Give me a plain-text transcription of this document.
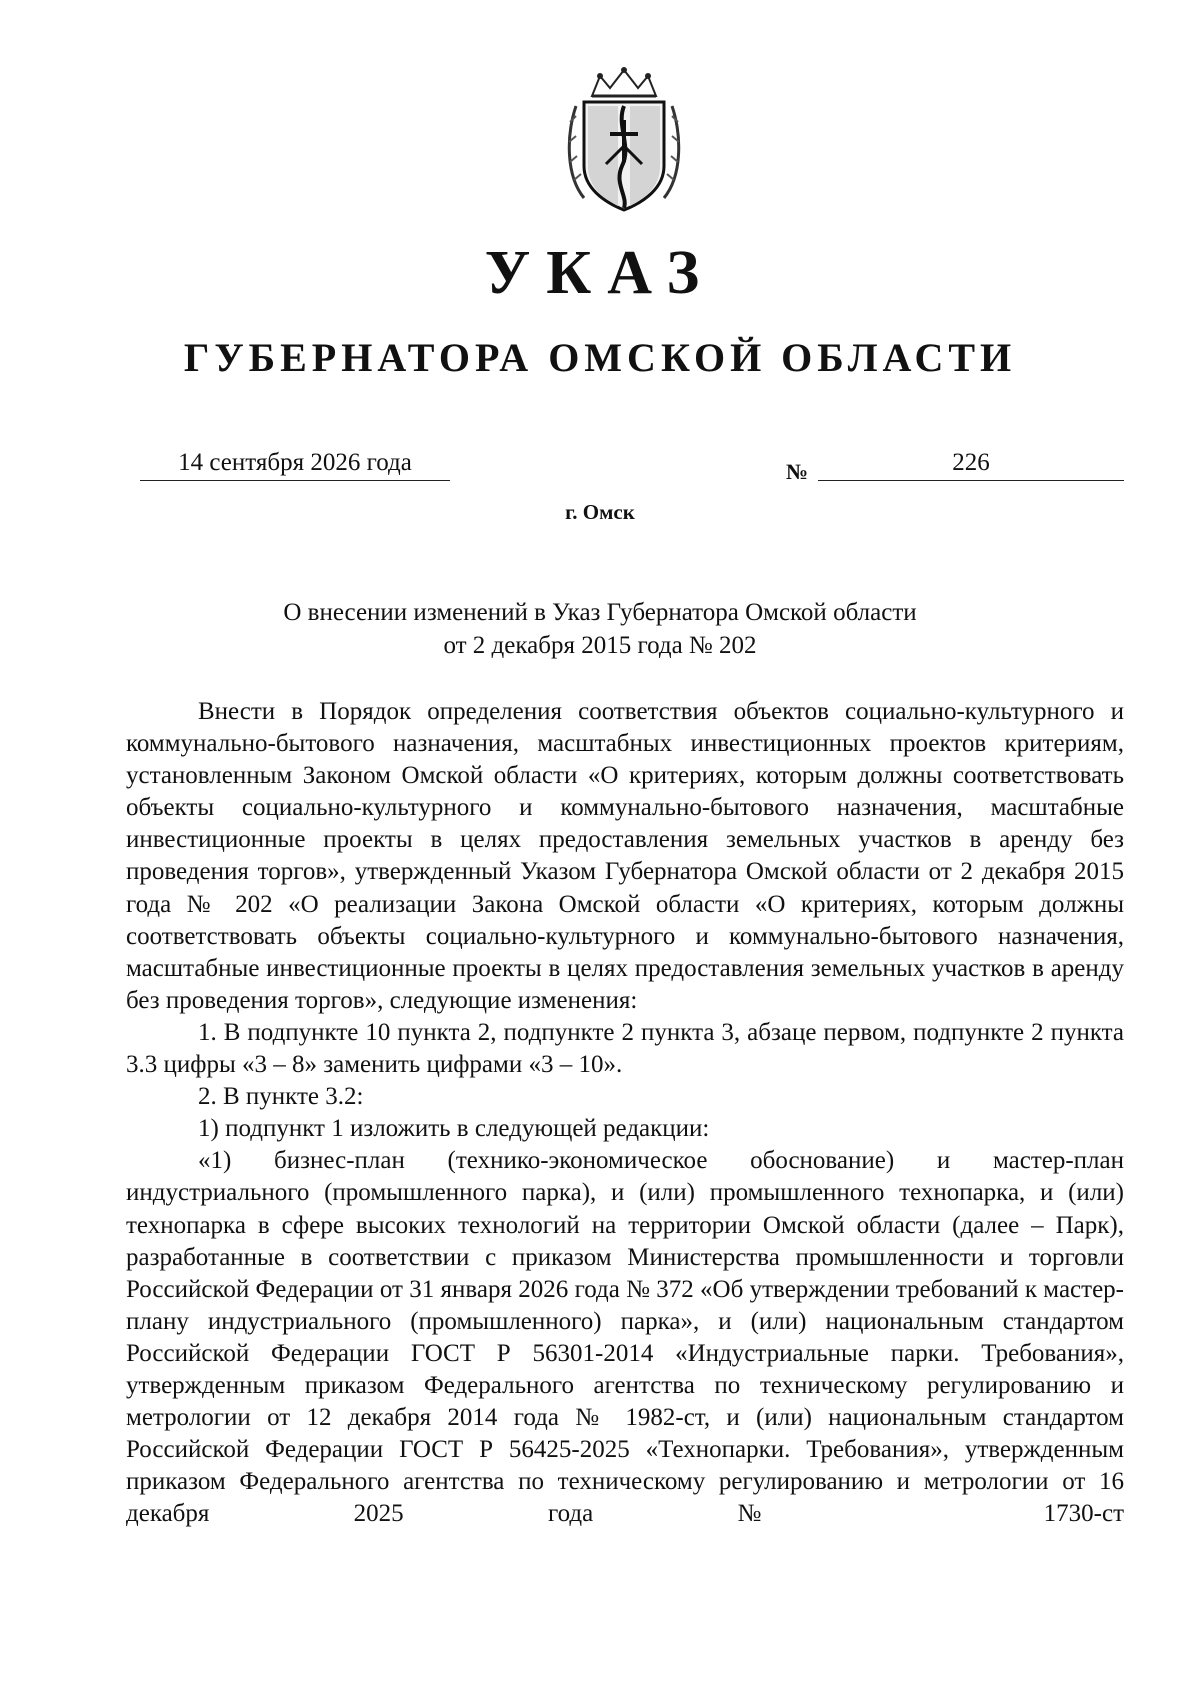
УКАЗ
ГУБЕРНАТОРА ОМСКОЙ ОБЛАСТИ
14 сентября 2026 года	№	226
г. Омск
О внесении изменений в Указ Губернатора Омской области
от 2 декабря 2015 года № 202

Внести в Порядок определения соответствия объектов социально-культурного и коммунально-бытового назначения, масштабных инвестиционных проектов критериям, установленным Законом Омской области «О критериях, которым должны соответствовать объекты социально-культурного и коммунально-бытового назначения, масштабные инвестиционные проекты в целях предоставления земельных участков в аренду без проведения торгов», утвержденный Указом Губернатора Омской области от 2 декабря 2015 года № 202 «О реализации Закона Омской области «О критериях, которым должны соответствовать объекты социально-культурного и коммунально-бытового назначения, масштабные инвестиционные проекты в целях предоставления земельных участков в аренду без проведения торгов», следующие изменения:

1. В подпункте 10 пункта 2, подпункте 2 пункта 3, абзаце первом, подпункте 2 пункта 3.3 цифры «3 – 8» заменить цифрами «3 – 10».

2. В пункте 3.2:

1) подпункт 1 изложить в следующей редакции:

«1) бизнес-план (технико-экономическое обоснование) и мастер-план индустриального (промышленного парка), и (или) промышленного технопарка, и (или) технопарка в сфере высоких технологий на территории Омской области (далее – Парк), разработанные в соответствии с приказом Министерства промышленности и торговли Российской Федерации от 31 января 2026 года № 372 «Об утверждении требований к мастер-плану индустриального (промышленного) парка», и (или) национальным стандартом Российской Федерации ГОСТ Р 56301-2014 «Индустриальные парки. Требования», утвержденным приказом Федерального агентства по техническому регулированию и метрологии от 12 декабря 2014 года № 1982-ст, и (или) национальным стандартом Российской Федерации ГОСТ Р 56425-2025 «Технопарки. Требования», утвержденным приказом Федерального агентства по техническому регулированию и метрологии от 16 декабря 2025 года № 1730-ст
